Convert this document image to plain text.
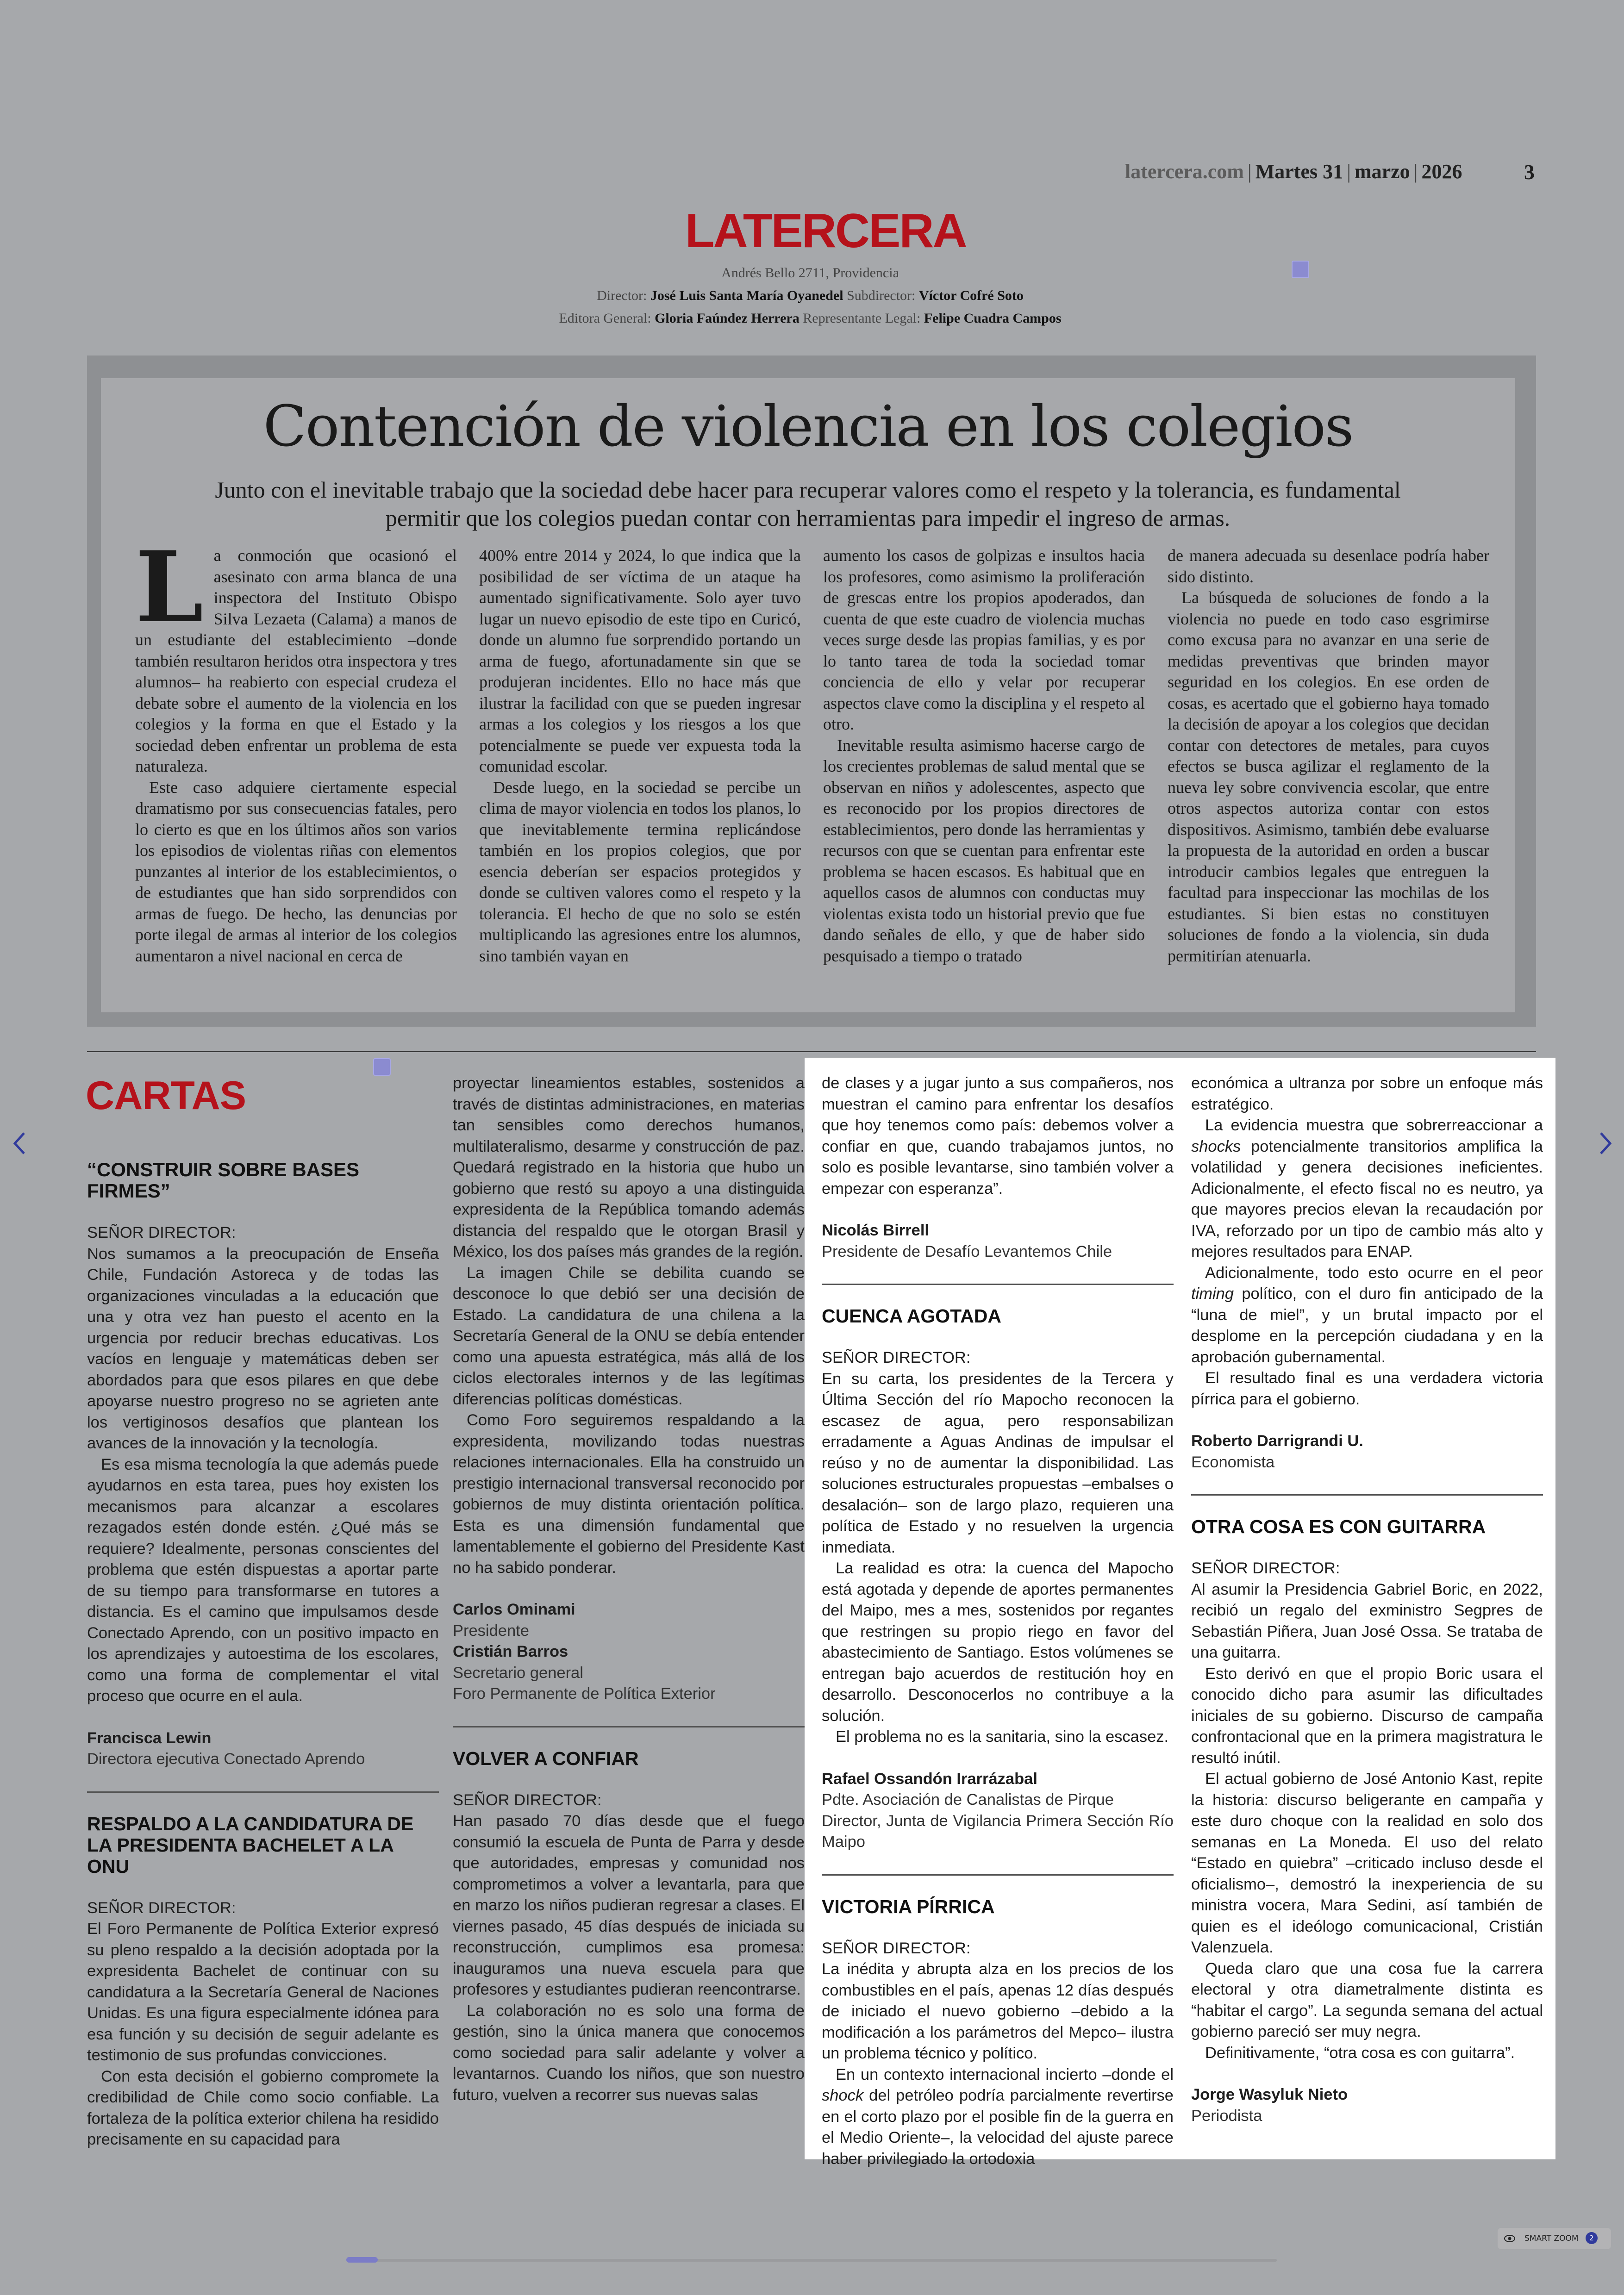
latercera.com | Martes 31 | marzo | 2026	3
LATERCERA
Andrés Bello 2711, Providencia
Director: José Luis Santa María Oyanedel Subdirector: Víctor Cofré Soto
Editora General: Gloria Faúndez Herrera Representante Legal: Felipe Cuadra Campos
Contención de violencia en los colegios
Junto con el inevitable trabajo que la sociedad debe hacer para recuperar valores como el respeto y la tolerancia, es fundamental permitir que los colegios puedan contar con herramientas para impedir el ingreso de armas.
L a conmoción que ocasionó el asesinato con arma blanca de una inspectora del Instituto Obispo Silva Lezaeta (Calama) a manos de un estudiante del establecimiento –donde también resultaron heridos otra inspectora y tres alumnos– ha reabierto con especial crudeza el debate sobre el aumento de la violencia en los colegios y la forma en que el Estado y la sociedad deben enfrentar un problema de esta naturaleza.

Este caso adquiere ciertamente especial dramatismo por sus consecuencias fatales, pero lo cierto es que en los últimos años son varios los episodios de violentas riñas con elementos punzantes al interior de los establecimientos, o de estudiantes que han sido sorprendidos con armas de fuego. De hecho, las denuncias por porte ilegal de armas al interior de los colegios aumentaron a nivel nacional en cerca de

400% entre 2014 y 2024, lo que indica que la posibilidad de ser víctima de un ataque ha aumentado significativamente. Solo ayer tuvo lugar un nuevo episodio de este tipo en Curicó, donde un alumno fue sorprendido portando un arma de fuego, afortunadamente sin que se produjeran incidentes. Ello no hace más que ilustrar la facilidad con que se pueden ingresar armas a los colegios y los riesgos a los que potencialmente se puede ver expuesta toda la comunidad escolar.

Desde luego, en la sociedad se percibe un clima de mayor violencia en todos los planos, lo que inevitablemente termina replicándose también en los propios colegios, que por esencia deberían ser espacios protegidos y donde se cultiven valores como el respeto y la tolerancia. El hecho de que no solo se estén multiplicando las agresiones entre los alumnos, sino también vayan en

aumento los casos de golpizas e insultos hacia los profesores, como asimismo la proliferación de grescas entre los propios apoderados, dan cuenta de que este cuadro de violencia muchas veces surge desde las propias familias, y es por lo tanto tarea de toda la sociedad tomar conciencia de ello y velar por recuperar aspectos clave como la disciplina y el respeto al otro.

Inevitable resulta asimismo hacerse cargo de los crecientes problemas de salud mental que se observan en niños y adolescentes, aspecto que es reconocido por los propios directores de establecimientos, pero donde las herramientas y recursos con que se cuentan para enfrentar este problema se hacen escasos. Es habitual que en aquellos casos de alumnos con conductas muy violentas exista todo un historial previo que fue dando señales de ello, y que de haber sido pesquisado a tiempo o tratado

de manera adecuada su desenlace podría haber sido distinto.

La búsqueda de soluciones de fondo a la violencia no puede en todo caso esgrimirse como excusa para no avanzar en una serie de medidas preventivas que brinden mayor seguridad en los colegios. En ese orden de cosas, es acertado que el gobierno haya tomado la decisión de apoyar a los colegios que decidan contar con detectores de metales, para cuyos efectos se busca agilizar el reglamento de la nueva ley sobre convivencia escolar, que entre otros aspectos autoriza contar con estos dispositivos. Asimismo, también debe evaluarse la propuesta de la autoridad en orden a buscar introducir cambios legales que entreguen la facultad para inspeccionar las mochilas de los estudiantes. Si bien estas no constituyen soluciones de fondo a la violencia, sin duda permitirían atenuarla.

CARTAS
“CONSTRUIR SOBRE BASES FIRMES”

SEÑOR DIRECTOR:

Nos sumamos a la preocupación de Enseña Chile, Fundación Astoreca y de todas las organizaciones vinculadas a la educación que una y otra vez han puesto el acento en la urgencia por reducir brechas educativas. Los vacíos en lenguaje y matemáticas deben ser abordados para que esos pilares en que debe apoyarse nuestro progreso no se agrieten ante los vertiginosos desafíos que plantean los avances de la innovación y la tecnología.

Es esa misma tecnología la que además puede ayudarnos en esta tarea, pues hoy existen los mecanismos para alcanzar a escolares rezagados estén donde estén. ¿Qué más se requiere? Idealmente, personas conscientes del problema que estén dispuestas a aportar parte de su tiempo para transformarse en tutores a distancia. Es el camino que impulsamos desde Conectado Aprendo, con un positivo impacto en los aprendizajes y autoestima de los escolares, como una forma de complementar el vital proceso que ocurre en el aula.

Francisca Lewin

Directora ejecutiva Conectado Aprendo

RESPALDO A LA CANDIDATURA DE LA PRESIDENTA BACHELET A LA ONU

SEÑOR DIRECTOR:

El Foro Permanente de Política Exterior expresó su pleno respaldo a la decisión adoptada por la expresidenta Bachelet de continuar con su candidatura a la Secretaría General de Naciones Unidas. Es una figura especialmente idónea para esa función y su decisión de seguir adelante es testimonio de sus profundas convicciones.

Con esta decisión el gobierno compromete la credibilidad de Chile como socio confiable. La fortaleza de la política exterior chilena ha residido precisamente en su capacidad para

proyectar lineamientos estables, sostenidos a través de distintas administraciones, en materias tan sensibles como derechos humanos, multilateralismo, desarme y construcción de paz. Quedará registrado en la historia que hubo un gobierno que restó su apoyo a una distinguida expresidenta de la República tomando además distancia del respaldo que le otorgan Brasil y México, los dos países más grandes de la región.

La imagen Chile se debilita cuando se desconoce lo que debió ser una decisión de Estado. La candidatura de una chilena a la Secretaría General de la ONU se debía entender como una apuesta estratégica, más allá de los ciclos electorales internos y de las legítimas diferencias políticas domésticas.

Como Foro seguiremos respaldando a la expresidenta, movilizando todas nuestras relaciones internacionales. Ella ha construido un prestigio internacional transversal reconocido por gobiernos de muy distinta orientación política. Esta es una dimensión fundamental que lamentablemente el gobierno del Presidente Kast no ha sabido ponderar.

Carlos Ominami

Presidente

Cristián Barros

Secretario general

Foro Permanente de Política Exterior

VOLVER A CONFIAR

SEÑOR DIRECTOR:

Han pasado 70 días desde que el fuego consumió la escuela de Punta de Parra y desde que autoridades, empresas y comunidad nos comprometimos a volver a levantarla, para que en marzo los niños pudieran regresar a clases. El viernes pasado, 45 días después de iniciada su reconstrucción, cumplimos esa promesa: inauguramos una nueva escuela para que profesores y estudiantes pudieran reencontrarse.

La colaboración no es solo una forma de gestión, sino la única manera que conocemos como sociedad para salir adelante y volver a levantarnos. Cuando los niños, que son nuestro futuro, vuelven a recorrer sus nuevas salas

de clases y a jugar junto a sus compañeros, nos muestran el camino para enfrentar los desafíos que hoy tenemos como país: debemos volver a confiar en que, cuando trabajamos juntos, no solo es posible levantarse, sino también volver a empezar con esperanza”.

Nicolás Birrell

Presidente de Desafío Levantemos Chile

CUENCA AGOTADA

SEÑOR DIRECTOR:

En su carta, los presidentes de la Tercera y Última Sección del río Mapocho reconocen la escasez de agua, pero responsabilizan erradamente a Aguas Andinas de impulsar el reúso y no de aumentar la disponibilidad. Las soluciones estructurales propuestas –embalses o desalación– son de largo plazo, requieren una política de Estado y no resuelven la urgencia inmediata.

La realidad es otra: la cuenca del Mapocho está agotada y depende de aportes permanentes del Maipo, mes a mes, sostenidos por regantes que restringen su propio riego en favor del abastecimiento de Santiago. Estos volúmenes se entregan bajo acuerdos de restitución hoy en desarrollo. Desconocerlos no contribuye a la solución.

El problema no es la sanitaria, sino la escasez.

Rafael Ossandón Irarrázabal

Pdte. Asociación de Canalistas de Pirque

Director, Junta de Vigilancia Primera Sección Río Maipo

VICTORIA PÍRRICA

SEÑOR DIRECTOR:

La inédita y abrupta alza en los precios de los combustibles en el país, apenas 12 días después de iniciado el nuevo gobierno –debido a la modificación a los parámetros del Mepco– ilustra un problema técnico y político.

En un contexto internacional incierto –donde el shock del petróleo podría parcialmente revertirse en el corto plazo por el posible fin de la guerra en el Medio Oriente–, la velocidad del ajuste parece haber privilegiado la ortodoxia

económica a ultranza por sobre un enfoque más estratégico.

La evidencia muestra que sobrerreaccionar a shocks potencialmente transitorios amplifica la volatilidad y genera decisiones ineficientes. Adicionalmente, el efecto fiscal no es neutro, ya que mayores precios elevan la recaudación por IVA, reforzado por un tipo de cambio más alto y mejores resultados para ENAP.

Adicionalmente, todo esto ocurre en el peor timing político, con el duro fin anticipado de la “luna de miel”, y un brutal impacto por el desplome en la percepción ciudadana y en la aprobación gubernamental.

El resultado final es una verdadera victoria pírrica para el gobierno.

Roberto Darrigrandi U.

Economista

OTRA COSA ES CON GUITARRA

SEÑOR DIRECTOR:

Al asumir la Presidencia Gabriel Boric, en 2022, recibió un regalo del exministro Segpres de Sebastián Piñera, Juan José Ossa. Se trataba de una guitarra.

Esto derivó en que el propio Boric usara el conocido dicho para asumir las dificultades iniciales de su gobierno. Discurso de campaña confrontacional que en la primera magistratura le resultó inútil.

El actual gobierno de José Antonio Kast, repite la historia: discurso beligerante en campaña y este duro choque con la realidad en solo dos semanas en La Moneda. El uso del relato “Estado en quiebra” –criticado incluso desde el oficialismo–, demostró la inexperiencia de su ministra vocera, Mara Sedini, así también de quien es el ideólogo comunicacional, Cristián Valenzuela.

Queda claro que una cosa fue la carrera electoral y otra diametralmente distinta es “habitar el cargo”. La segunda semana del actual gobierno pareció ser muy negra.

Definitivamente, “otra cosa es con guitarra”.

Jorge Wasyluk Nieto

Periodista

SMART ZOOM	2
